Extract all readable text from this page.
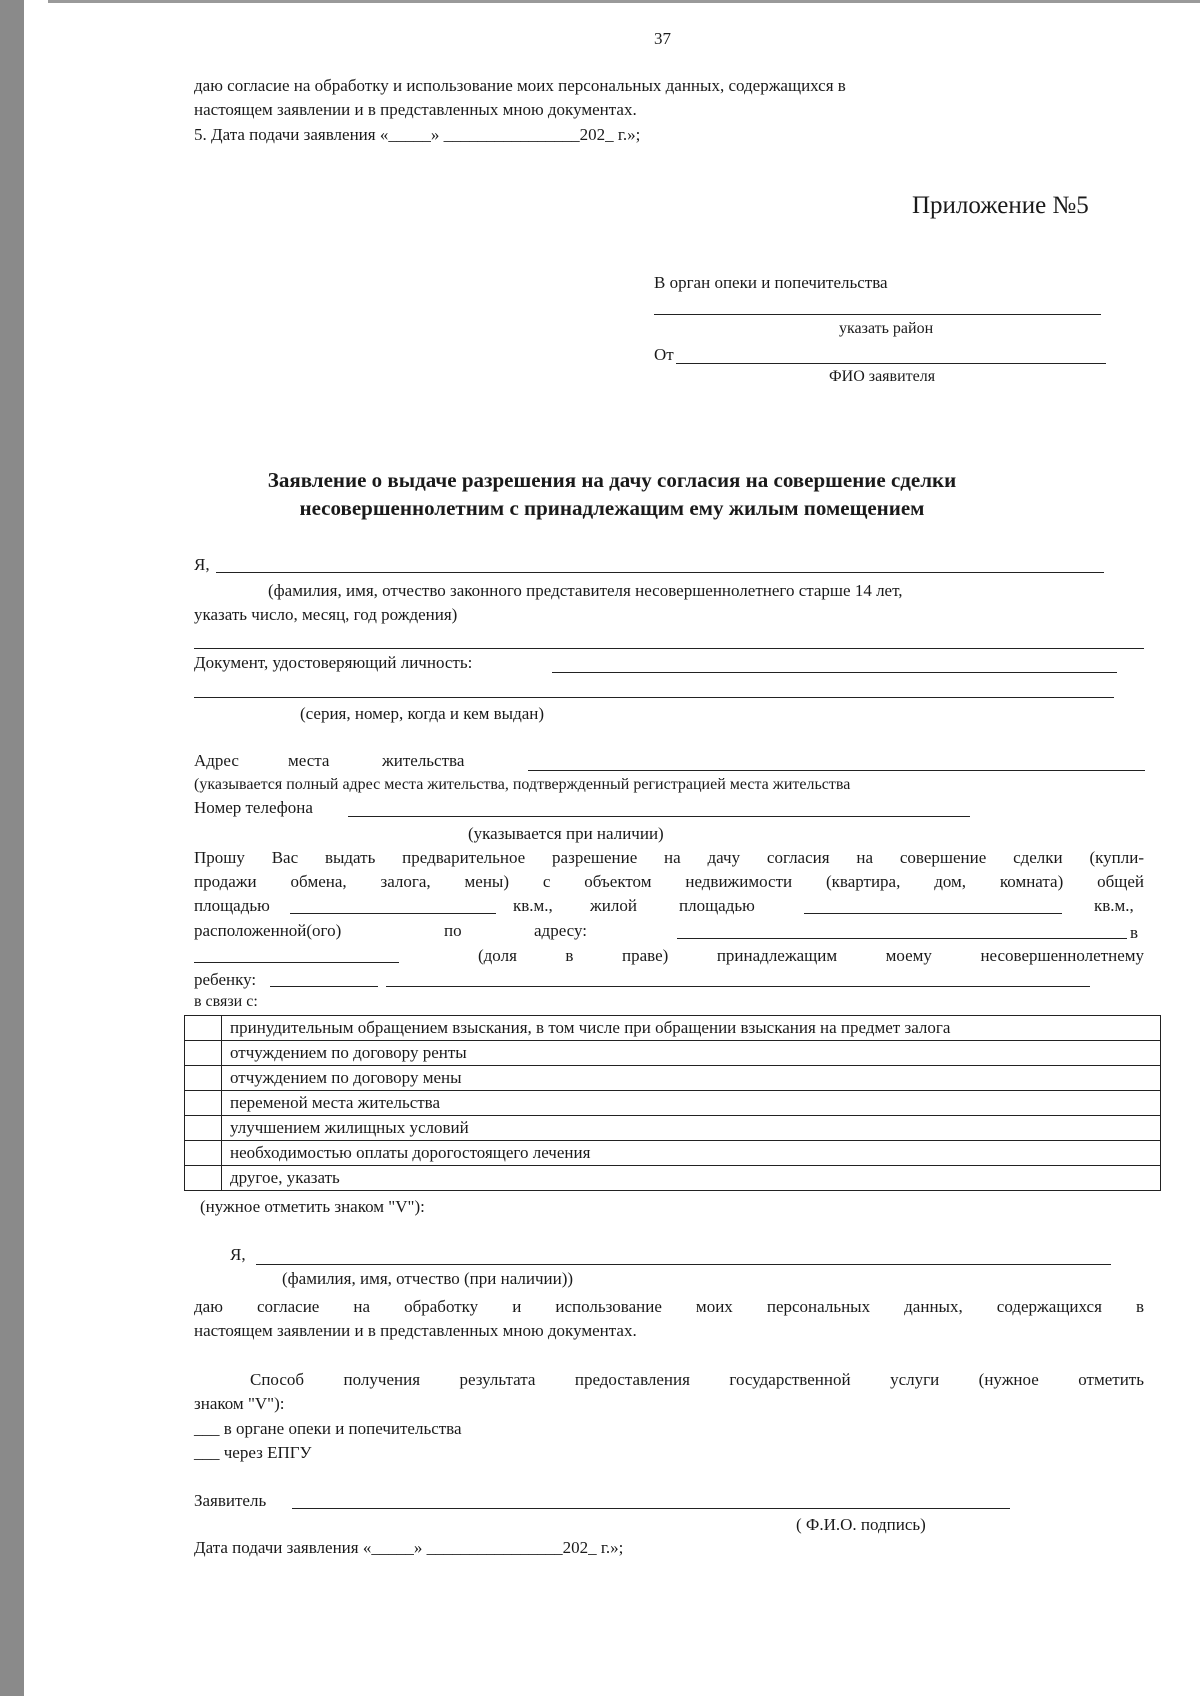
37
даю согласие на обработку и использование моих персональных данных, содержащихся в
настоящем заявлении и в представленных мною документах.
5. Дата подачи заявления «_____» ________________202_ г.»;
Приложение №5
В орган опеки и попечительства
указать район
От
ФИО заявителя
Заявление о выдаче разрешения на дачу согласия на совершение сделки
несовершеннолетним с принадлежащим ему жилым помещением
Я,
(фамилия, имя, отчество законного представителя несовершеннолетнего старше 14 лет,
указать число, месяц, год рождения)
Документ, удостоверяющий личность:
(серия, номер, когда и кем выдан)
Адрес	места	жительства
(указывается полный адрес места жительства, подтвержденный регистрацией места жительства
Номер телефона
(указывается при наличии)
Прошу Вас выдать предварительное разрешение на дачу согласия на совершение сделки (купли-
продажи обмена, залога, мены) с объектом недвижимости (квартира, дом, комната) общей
площадью	кв.м., жилой площадью	кв.м.,
расположенной(ого)	по	адресу:	в
(доля в праве) принадлежащим моему несовершеннолетнему
ребенку:
в связи с:
	принудительным обращением взыскания, в том числе при обращении взыскания на предмет залога
	отчуждением по договору ренты
	отчуждением по договору мены
	переменой места жительства
	улучшением жилищных условий
	необходимостью оплаты дорогостоящего лечения
	другое, указать
(нужное отметить знаком "V"):
Я,
(фамилия, имя, отчество (при наличии))
даю согласие на обработку и использование моих персональных данных, содержащихся в
настоящем заявлении и в представленных мною документах.
Способ получения результата предоставления государственной услуги (нужное отметить
знаком "V"):
___ в органе опеки и попечительства
___ через ЕПГУ
Заявитель
( Ф.И.О. подпись)
Дата подачи заявления «_____» ________________202_ г.»;
